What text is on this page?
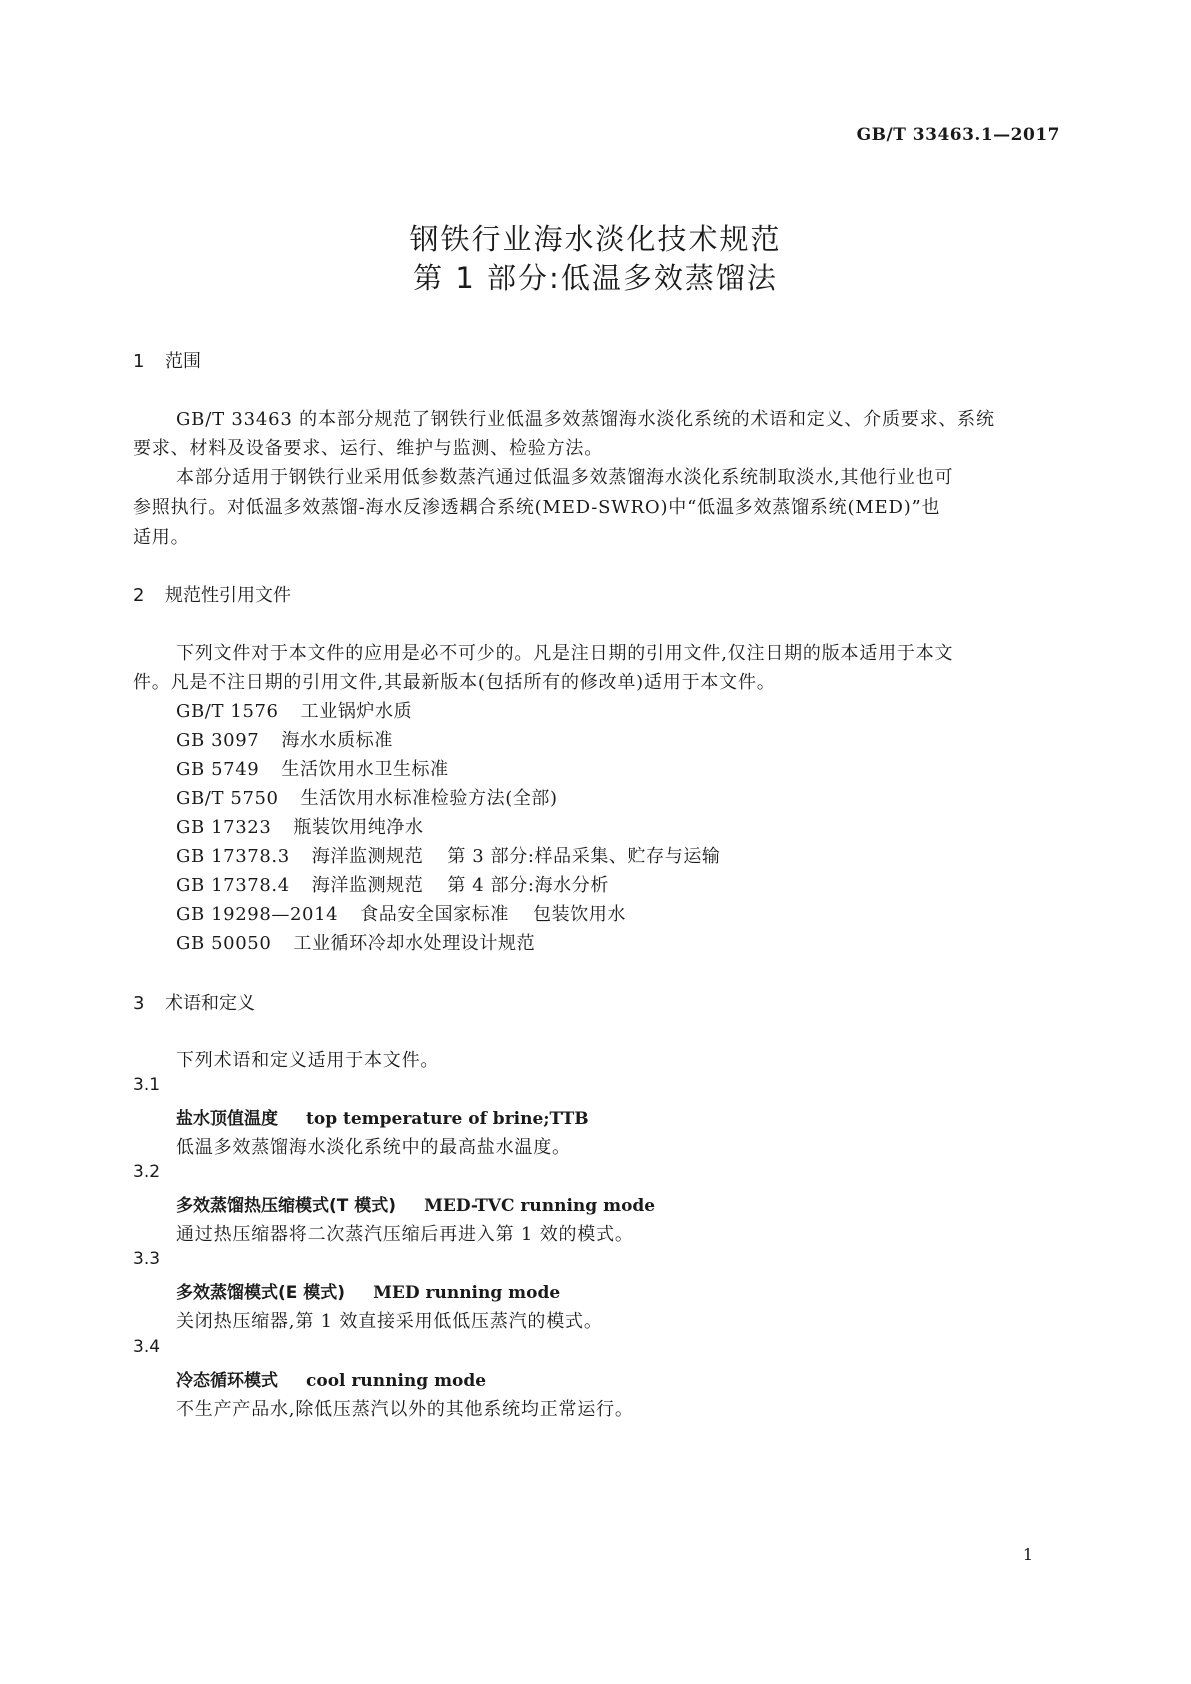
GB/T 33463.1—2017
钢铁行业海水淡化技术规范
第 1 部分:低温多效蒸馏法
1 范围
GB/T 33463 的本部分规范了钢铁行业低温多效蒸馏海水淡化系统的术语和定义、介质要求、系统
要求、材料及设备要求、运行、维护与监测、检验方法。
本部分适用于钢铁行业采用低参数蒸汽通过低温多效蒸馏海水淡化系统制取淡水,其他行业也可
参照执行。对低温多效蒸馏-海水反渗透耦合系统(MED-SWRO)中“低温多效蒸馏系统(MED)”也
适用。
2 规范性引用文件
下列文件对于本文件的应用是必不可少的。凡是注日期的引用文件,仅注日期的版本适用于本文
件。凡是不注日期的引用文件,其最新版本(包括所有的修改单)适用于本文件。
GB/T 1576 工业锅炉水质
GB 3097 海水水质标准
GB 5749 生活饮用水卫生标准
GB/T 5750 生活饮用水标准检验方法(全部)
GB 17323 瓶装饮用纯净水
GB 17378.3 海洋监测规范 第 3 部分:样品采集、贮存与运输
GB 17378.4 海洋监测规范 第 4 部分:海水分析
GB 19298—2014 食品安全国家标准 包装饮用水
GB 50050 工业循环冷却水处理设计规范
3 术语和定义
下列术语和定义适用于本文件。
3.1
盐水顶值温度 top temperature of brine;TTB
低温多效蒸馏海水淡化系统中的最高盐水温度。
3.2
多效蒸馏热压缩模式(T 模式) MED-TVC running mode
通过热压缩器将二次蒸汽压缩后再进入第 1 效的模式。
3.3
多效蒸馏模式(E 模式) MED running mode
关闭热压缩器,第 1 效直接采用低低压蒸汽的模式。
3.4
冷态循环模式 cool running mode
不生产产品水,除低压蒸汽以外的其他系统均正常运行。
1
